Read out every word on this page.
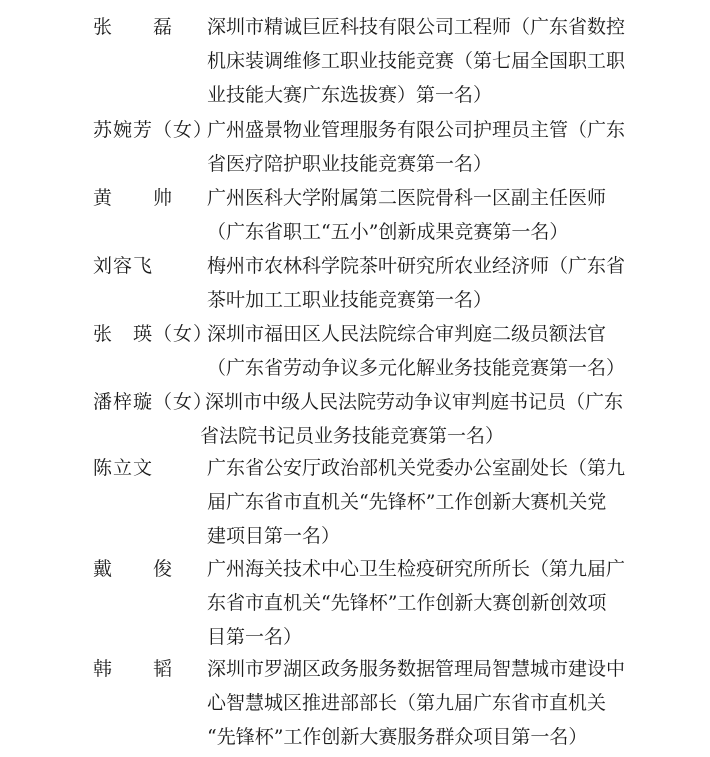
张　　磊 深圳市精诚巨匠科技有限公司工程师（广东省数控
机床装调维修工职业技能竞赛（第七届全国职工职
业技能大赛广东选拔赛）第一名）
苏婉芳（女）
广州盛景物业管理服务有限公司护理员主管（广东
省医疗陪护职业技能竞赛第一名）
黄　　帅 广州医科大学附属第二医院骨科一区副主任医师
（广东省职工“五小”创新成果竞赛第一名）
刘容飞	梅州市农林科学院茶叶研究所农业经济师（广东省
茶叶加工工职业技能竞赛第一名）
张　瑛（女）
深圳市福田区人民法院综合审判庭二级员额法官
（广东省劳动争议多元化解业务技能竞赛第一名）
潘梓璇（女）
深圳市中级人民法院劳动争议审判庭书记员（广东
省法院书记员业务技能竞赛第一名）
陈立文	广东省公安厅政治部机关党委办公室副处长（第九
届广东省市直机关“先锋杯”工作创新大赛机关党
建项目第一名）
戴　　俊 广州海关技术中心卫生检疫研究所所长（第九届广
东省市直机关“先锋杯”工作创新大赛创新创效项
目第一名）
韩　　韬 深圳市罗湖区政务服务数据管理局智慧城市建设中
心智慧城区推进部部长（第九届广东省市直机关
“先锋杯”工作创新大赛服务群众项目第一名）
